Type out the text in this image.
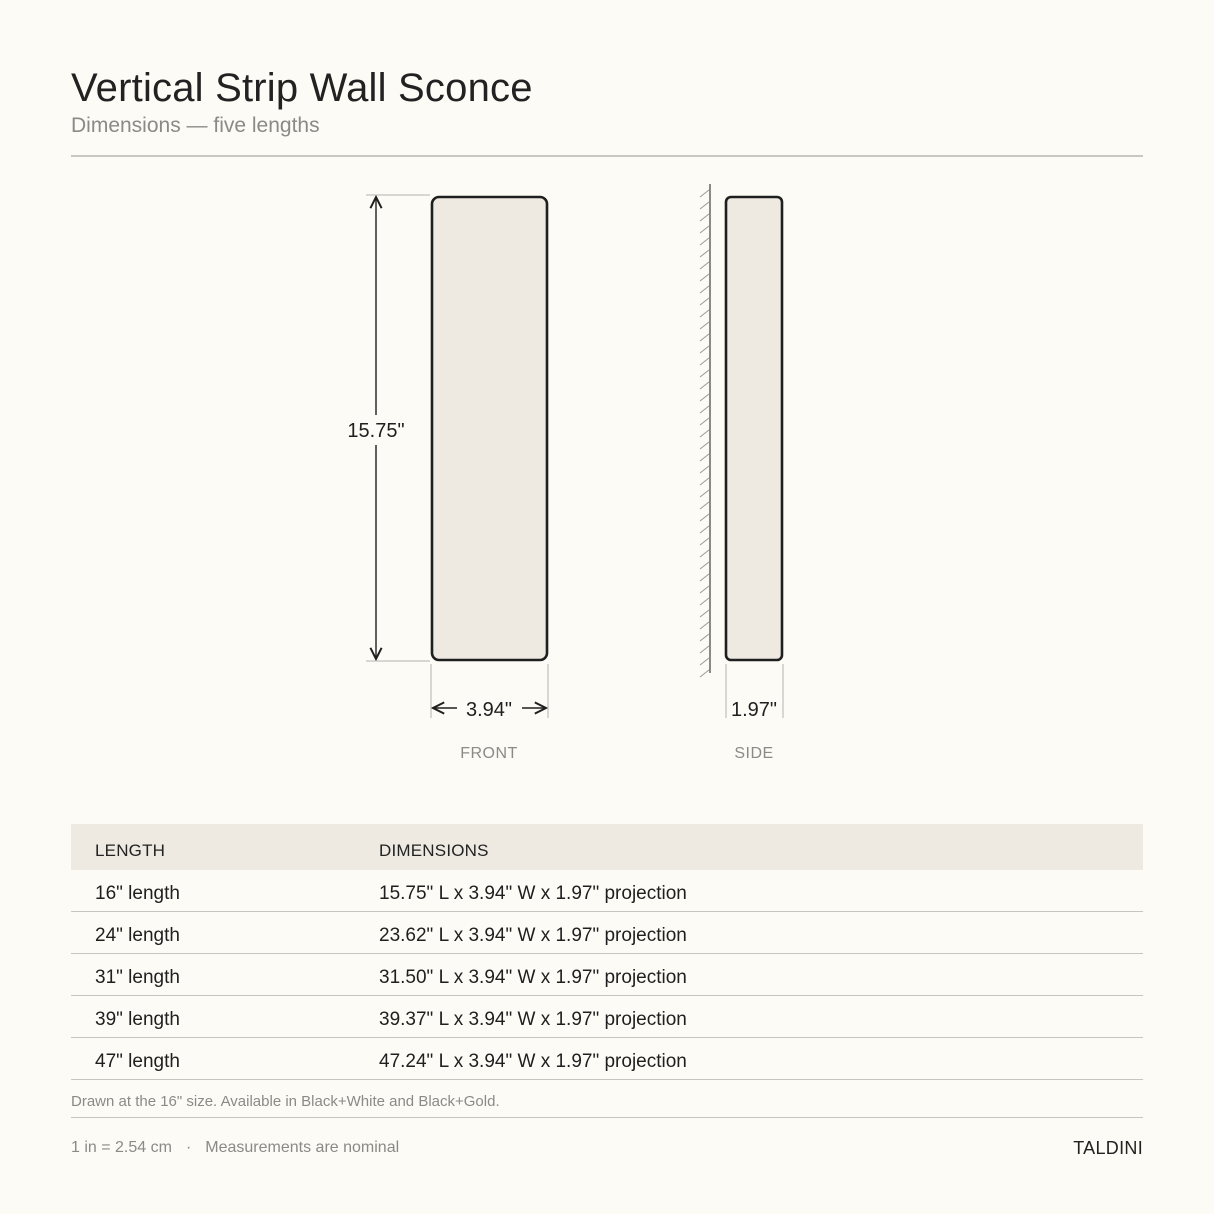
Vertical Strip Wall Sconce
Dimensions — five lengths
15.75"
3.94"
FRONT
1.97"
SIDE
LENGTH	DIMENSIONS
16" length	15.75" L x 3.94" W x 1.97" projection
24" length	23.62" L x 3.94" W x 1.97" projection
31" length	31.50" L x 3.94" W x 1.97" projection
39" length	39.37" L x 3.94" W x 1.97" projection
47" length	47.24" L x 3.94" W x 1.97" projection
Drawn at the 16" size. Available in Black+White and Black+Gold.
1 in = 2.54 cm · Measurements are nominal	TALDINI
